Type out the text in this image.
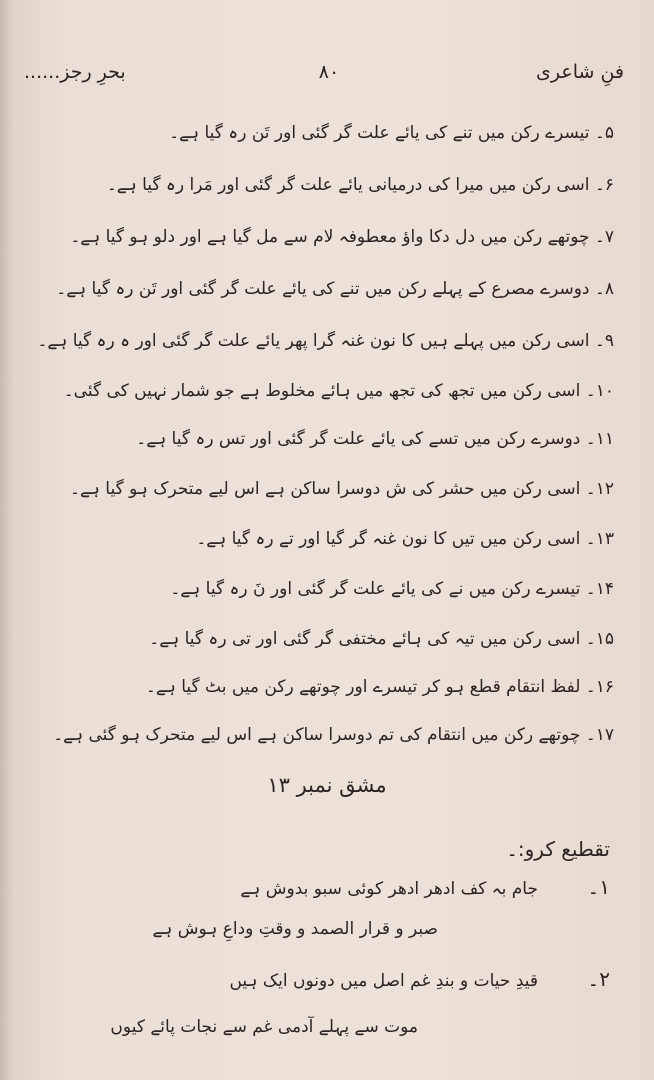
فنِ شاعری
۸۰
بحرِ رجز......
۵۔ تیسرے رکن میں تنے کی یائے علت گر گئی اور تَن رہ گیا ہے۔
۶۔ اسی رکن میں میرا کی درمیانی یائے علت گر گئی اور مَرا رہ گیا ہے۔
۷۔ چوتھے رکن میں دل دکا واؤ معطوفہ لام سے مل گیا ہے اور دلو ہو گیا ہے۔
۸۔ دوسرے مصرع کے پہلے رکن میں تنے کی یائے علت گر گئی اور تَن رہ گیا ہے۔
۹۔ اسی رکن میں پہلے ہیں کا نون غنہ گرا پھر یائے علت گر گئی اور ہ رہ گیا ہے۔
۱۰۔ اسی رکن میں تجھ کی تجھ میں ہائے مخلوط ہے جو شمار نہیں کی گئی۔
۱۱۔ دوسرے رکن میں تسے کی یائے علت گر گئی اور تس رہ گیا ہے۔
۱۲۔ اسی رکن میں حشر کی ش دوسرا ساکن ہے اس لیے متحرک ہو گیا ہے۔
۱۳۔ اسی رکن میں تیں کا نون غنہ گر گیا اور تے رہ گیا ہے۔
۱۴۔ تیسرے رکن میں نے کی یائے علت گر گئی اور نَ رہ گیا ہے۔
۱۵۔ اسی رکن میں تیہ کی ہائے مختفی گر گئی اور تی رہ گیا ہے۔
۱۶۔ لفظ انتقام قطع ہو کر تیسرے اور چوتھے رکن میں بٹ گیا ہے۔
۱۷۔ چوتھے رکن میں انتقام کی تم دوسرا ساکن ہے اس لیے متحرک ہو گئی ہے۔
مشق نمبر ۱۳
تقطیع کرو:۔
۱۔
جام بہ کف ادھر ادھر کوئی سبو بدوش ہے
صبر و قرار الصمد و وقتِ وداعِ ہوش ہے
۲۔
قیدِ حیات و بندِ غم اصل میں دونوں ایک ہیں
موت سے پہلے آدمی غم سے نجات پائے کیوں
